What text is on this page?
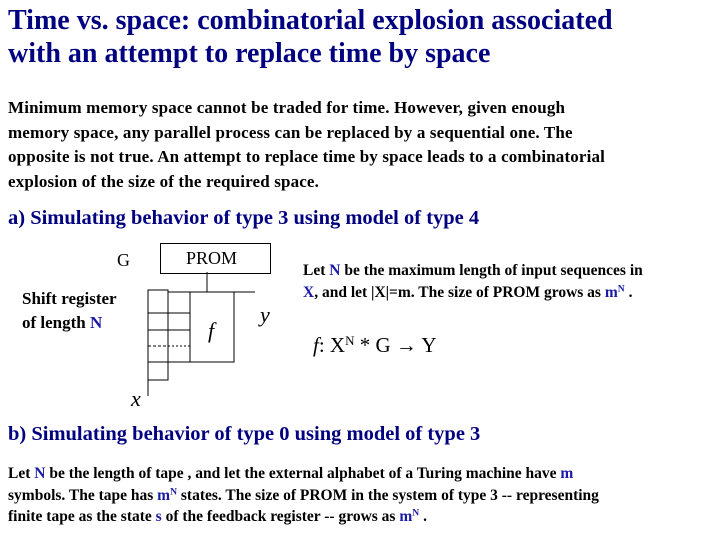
Time vs. space: combinatorial explosion associated
with an attempt to replace time by space
Minimum memory space cannot be traded for time. However, given enough
memory space, any parallel process can be replaced by a sequential one. The
opposite is not true. An attempt to replace time by space leads to a combinatorial
explosion of the size of the required space.
a) Simulating behavior of type 3 using model of type 4
G	PROM
Shift register
of length N	f
y
x
Let N be the maximum length of input sequences in
X, and let |X|=m. The size of PROM grows as $m^N$ .
f: $X^N * G \to Y$
b) Simulating behavior of type 0 using model of type 3
Let N be the length of tape , and let the external alphabet of a Turing machine have m
symbols. The tape has $m^N$ states. The size of PROM in the system of type 3 -- representing
finite tape as the state s of the feedback register -- grows as $m^N$ .
